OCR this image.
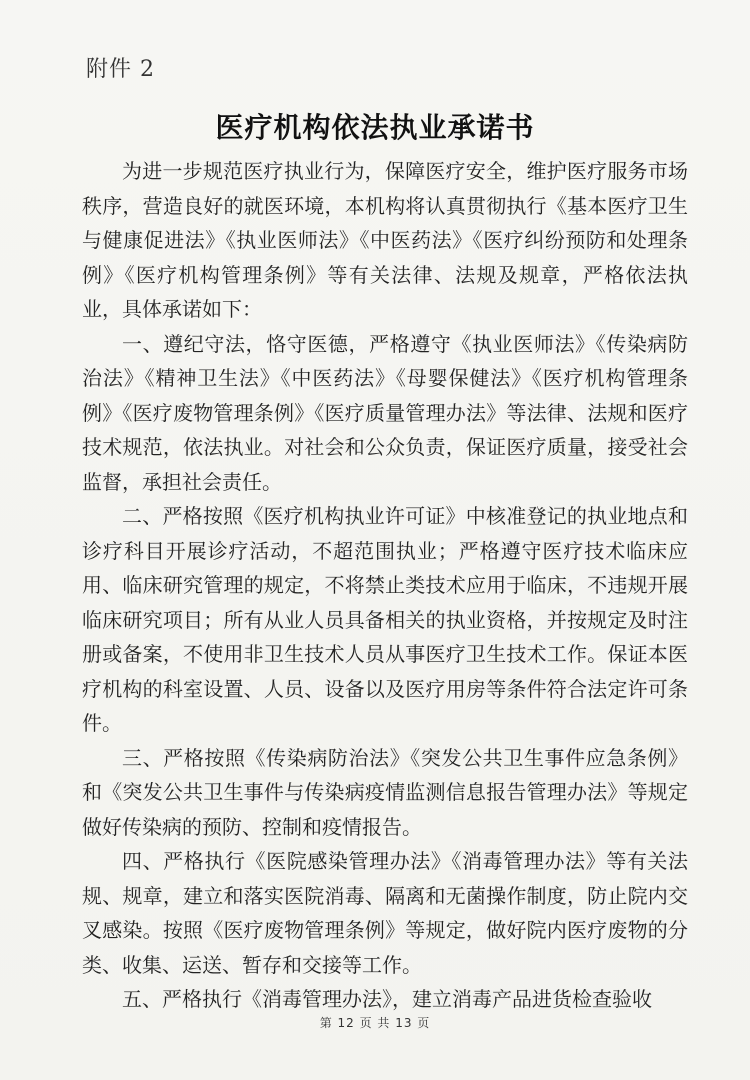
附件 2
医疗机构依法执业承诺书

为进一步规范医疗执业行为，保障医疗安全，维护医疗服务市场秩序，营造良好的就医环境，本机构将认真贯彻执行《基本医疗卫生与健康促进法》《执业医师法》《中医药法》《医疗纠纷预防和处理条例》《医疗机构管理条例》等有关法律、法规及规章，严格依法执业，具体承诺如下：

一、遵纪守法，恪守医德，严格遵守《执业医师法》《传染病防治法》《精神卫生法》《中医药法》《母婴保健法》《医疗机构管理条例》《医疗废物管理条例》《医疗质量管理办法》等法律、法规和医疗技术规范，依法执业。对社会和公众负责，保证医疗质量，接受社会监督，承担社会责任。

二、严格按照《医疗机构执业许可证》中核准登记的执业地点和诊疗科目开展诊疗活动，不超范围执业；严格遵守医疗技术临床应用、临床研究管理的规定，不将禁止类技术应用于临床，不违规开展临床研究项目；所有从业人员具备相关的执业资格，并按规定及时注册或备案，不使用非卫生技术人员从事医疗卫生技术工作。保证本医疗机构的科室设置、人员、设备以及医疗用房等条件符合法定许可条件。

三、严格按照《传染病防治法》《突发公共卫生事件应急条例》和《突发公共卫生事件与传染病疫情监测信息报告管理办法》等规定做好传染病的预防、控制和疫情报告。

四、严格执行《医院感染管理办法》《消毒管理办法》等有关法规、规章，建立和落实医院消毒、隔离和无菌操作制度，防止院内交叉感染。按照《医疗废物管理条例》等规定，做好院内医疗废物的分类、收集、运送、暂存和交接等工作。

五、严格执行《消毒管理办法》，建立消毒产品进货检查验收

第 12 页 共 13 页
